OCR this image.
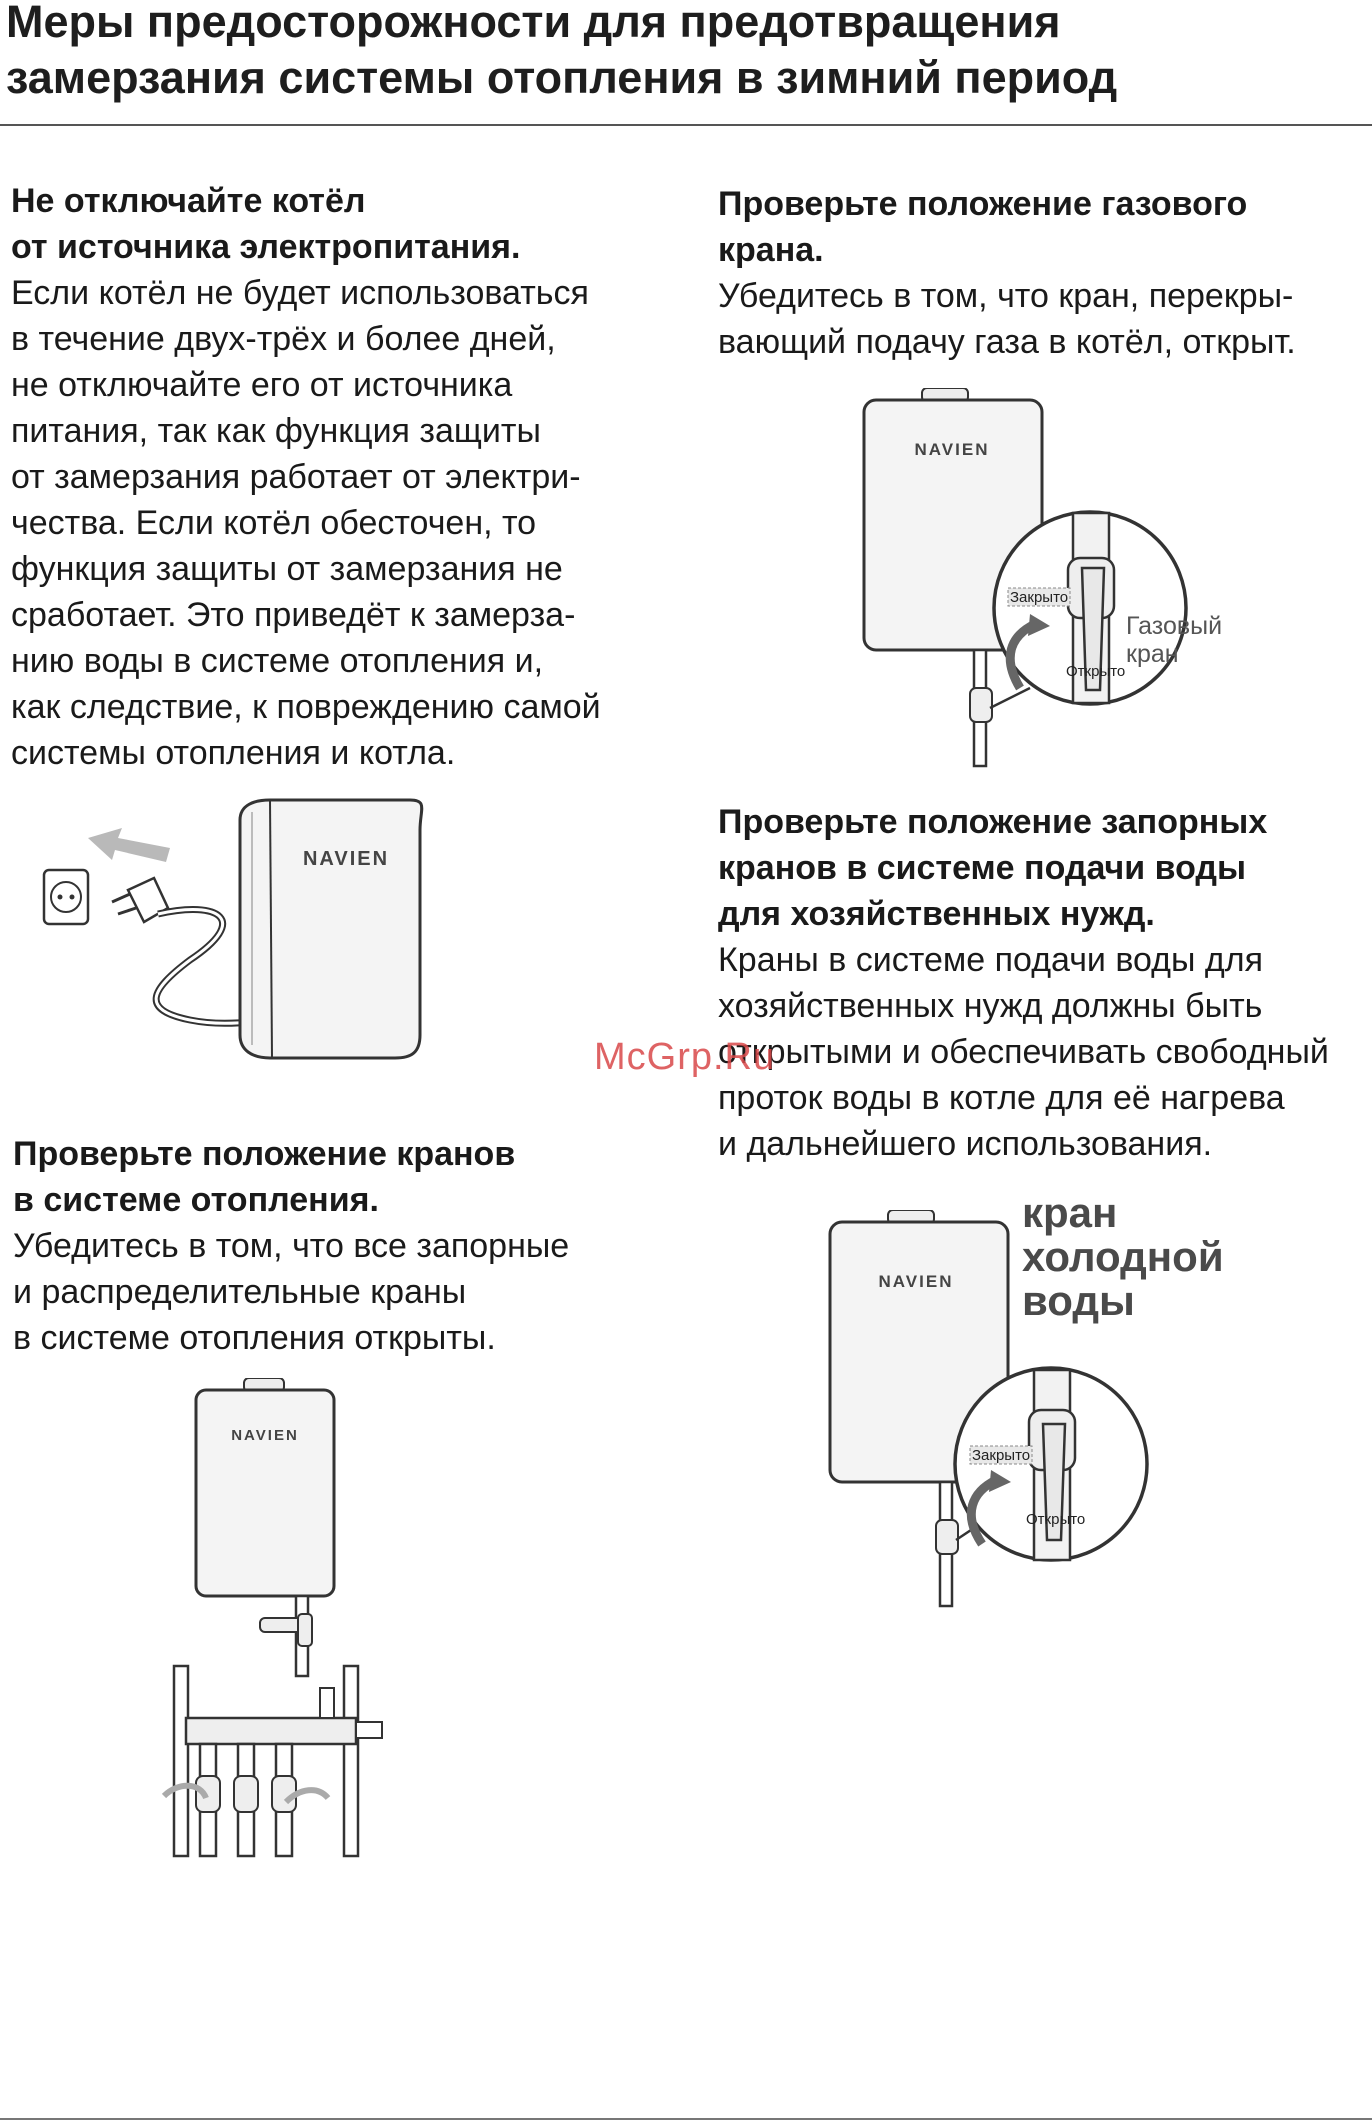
Меры предосторожности для предотвращения
замерзания системы отопления в зимний период
Не отключайте котёл
от источника электропитания.
Если котёл не будет использоваться
в течение двух-трёх и более дней,
не отключайте его от источника
питания, так как функция защиты
от замерзания работает от электри-
чества. Если котёл обесточен, то
функция защиты от замерзания не
сработает. Это приведёт к замерза-
нию воды в системе отопления и,
как следствие, к повреждению самой
системы отопления и котла.
Проверьте положение кранов
в системе отопления.
Убедитесь в том, что все запорные
и распределительные краны
в системе отопления открыты.
Проверьте положение газового
крана.
Убедитесь в том, что кран, перекры-
вающий подачу газа в котёл, открыт.
Проверьте положение запорных
кранов в системе подачи воды
для хозяйственных нужд.
Краны в системе подачи воды для
хозяйственных нужд должны быть
открытыми и обеспечивать свободный
проток воды в котле для её нагрева
и дальнейшего использования.
NAVIEN
NAVIEN
Закрыто
Открыто
Газовый
кран
NAVIEN
NAVIEN
Закрыто
Открыто
кран
холодной
воды
McGrp.Ru
